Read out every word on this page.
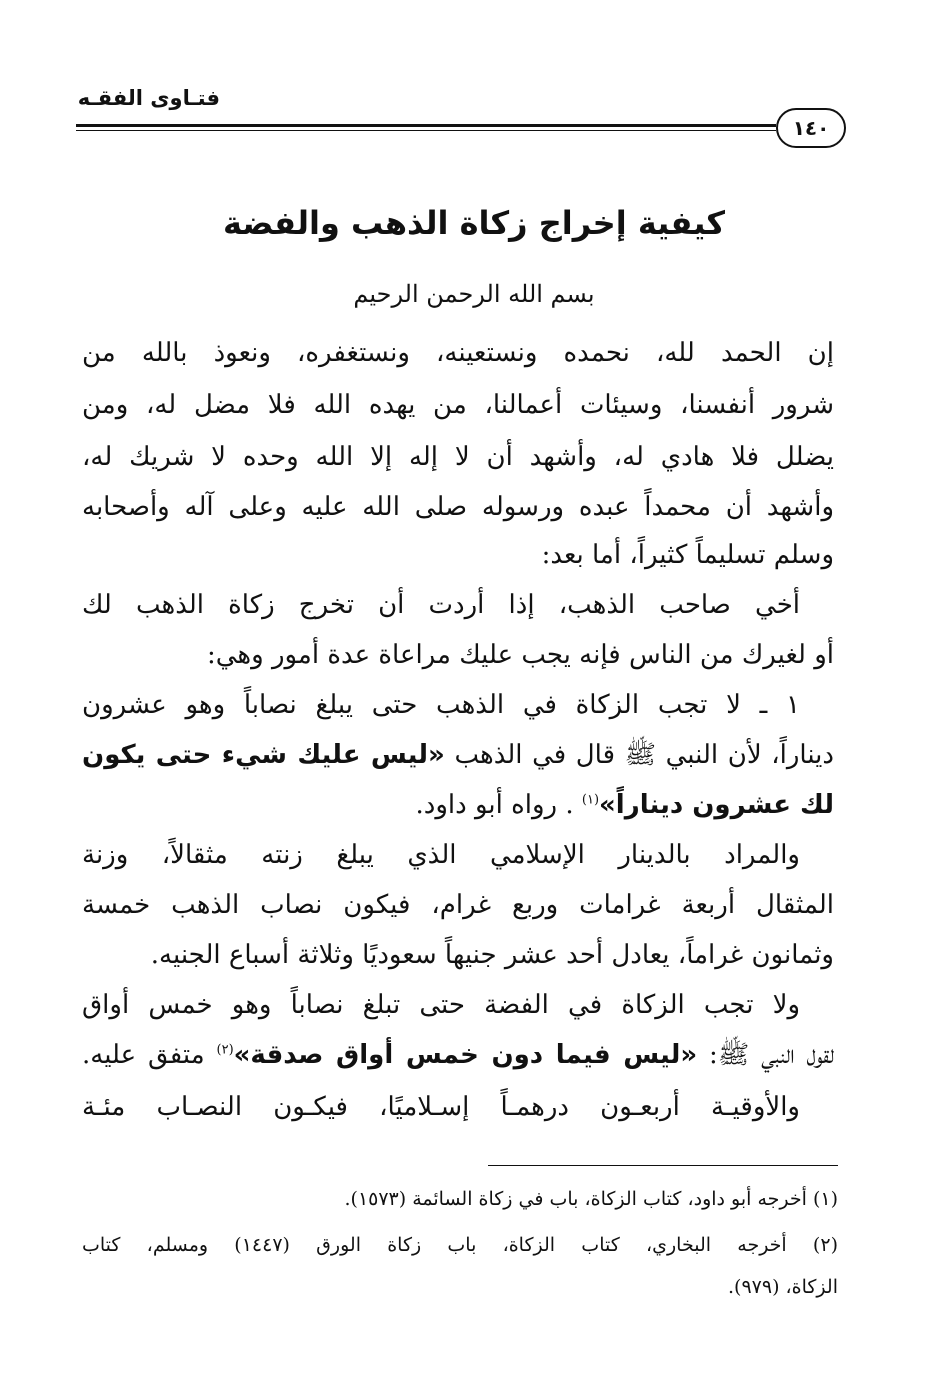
فتـاوى الفقـه
١٤٠
كيفية إخراج زكاة الذهب والفضة
بسم الله الرحمن الرحيم
إن الحمد لله، نحمده ونستعينه، ونستغفره، ونعوذ بالله من
شرور أنفسنا، وسيئات أعمالنا، من يهده الله فلا مضل له، ومن
يضلل فلا هادي له، وأشهد أن لا إله إلا الله وحده لا شريك له،
وأشهد أن محمداً عبده ورسوله صلى الله عليه وعلى آله وأصحابه
وسلم تسليماً كثيراً، أما بعد:
أخي صاحب الذهب، إذا أردت أن تخرج زكاة الذهب لك
أو لغيرك من الناس فإنه يجب عليك مراعاة عدة أمور وهي:
١ ـ لا تجب الزكاة في الذهب حتى يبلغ نصاباً وهو عشرون
ديناراً، لأن النبي ﷺ قال في الذهب «ليس عليك شيء حتى يكون
لك عشرون ديناراً»$^{(١)}$ . رواه أبو داود.
والمراد بالدينار الإسلامي الذي يبلغ زنته مثقالاً، وزنة
المثقال أربعة غرامات وربع غرام، فيكون نصاب الذهب خمسة
وثمانون غراماً، يعادل أحد عشر جنيهاً سعوديًا وثلاثة أسباع الجنيه.
ولا تجب الزكاة في الفضة حتى تبلغ نصاباً وهو خمس أواق
لقول النبي ﷺ: «ليس فيما دون خمس أواق صدقة»$^{(٢)}$ متفق عليه.
والأوقيـة أربعـون درهمـاً إسـلاميًا، فيكـون النصـاب مئـة
(١) أخرجه أبو داود، كتاب الزكاة، باب في زكاة السائمة (١٥٧٣).
(٢) أخرجه البخاري، كتاب الزكاة، باب زكاة الورق (١٤٤٧) ومسلم، كتاب
الزكاة، (٩٧٩).
